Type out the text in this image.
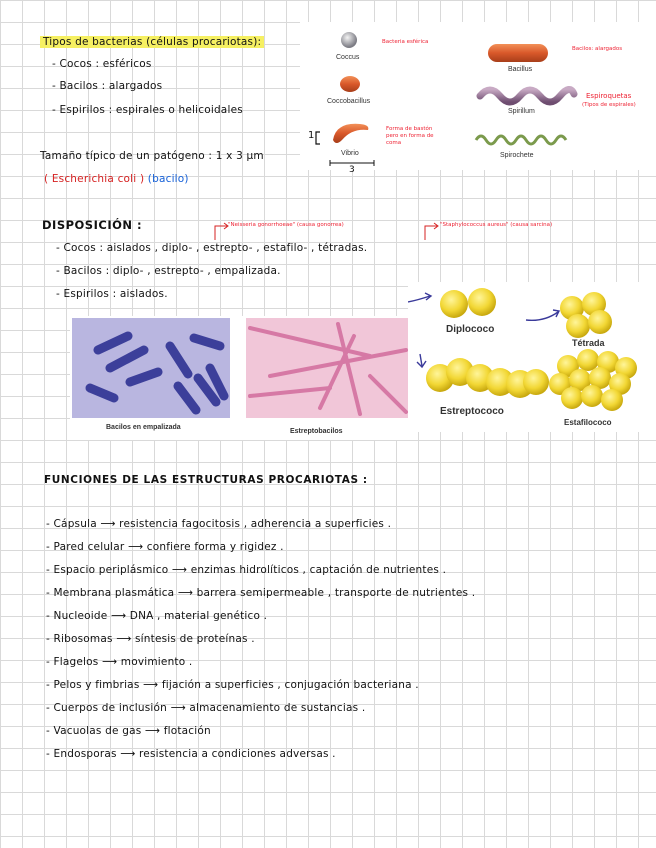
Tipos de bacterias (células procariotas):
- Cocos : esféricos
- Bacilos : alargados
- Espirilos : espirales o helicoidales
Tamaño típico de un patógeno : 1 x 3 µm
( Escherichia coli ) (bacilo)
Coccus
Coccobacillus
Vibrio
Bacillus
Spirillum
Spirochete
1
3
Bacteria esférica
Bacilos: alargados
Forma de bastón pero en forma de coma
Espiroquetas
(Tipos de espirales)
DISPOSICIÓN :	"Neisseria gonorrhoeae" (causa gonorrea)	"Staphylococcus aureus" (causa sarcina)
- Cocos : aislados , diplo- , estrepto- , estafilo- , tétradas.
- Bacilos : diplo- , estrepto- , empalizada.
- Espirilos : aislados.
Bacilos en empalizada
Estreptobacilos
Diplococo
Tétrada
Estreptococo
Estafilococo
FUNCIONES DE LAS ESTRUCTURAS PROCARIOTAS :
- Cápsula ⟶ resistencia fagocitosis , adherencia a superficies .
- Pared celular ⟶ confiere forma y rigidez .
- Espacio periplásmico ⟶ enzimas hidrolíticos , captación de nutrientes .
- Membrana plasmática ⟶ barrera semipermeable , transporte de nutrientes .
- Nucleoide ⟶ DNA , material genético .
- Ribosomas ⟶ síntesis de proteínas .
- Flagelos ⟶ movimiento .
- Pelos y fimbrias ⟶ fijación a superficies , conjugación bacteriana .
- Cuerpos de inclusión ⟶ almacenamiento de sustancias .
- Vacuolas de gas ⟶ flotación
- Endosporas ⟶ resistencia a condiciones adversas .
